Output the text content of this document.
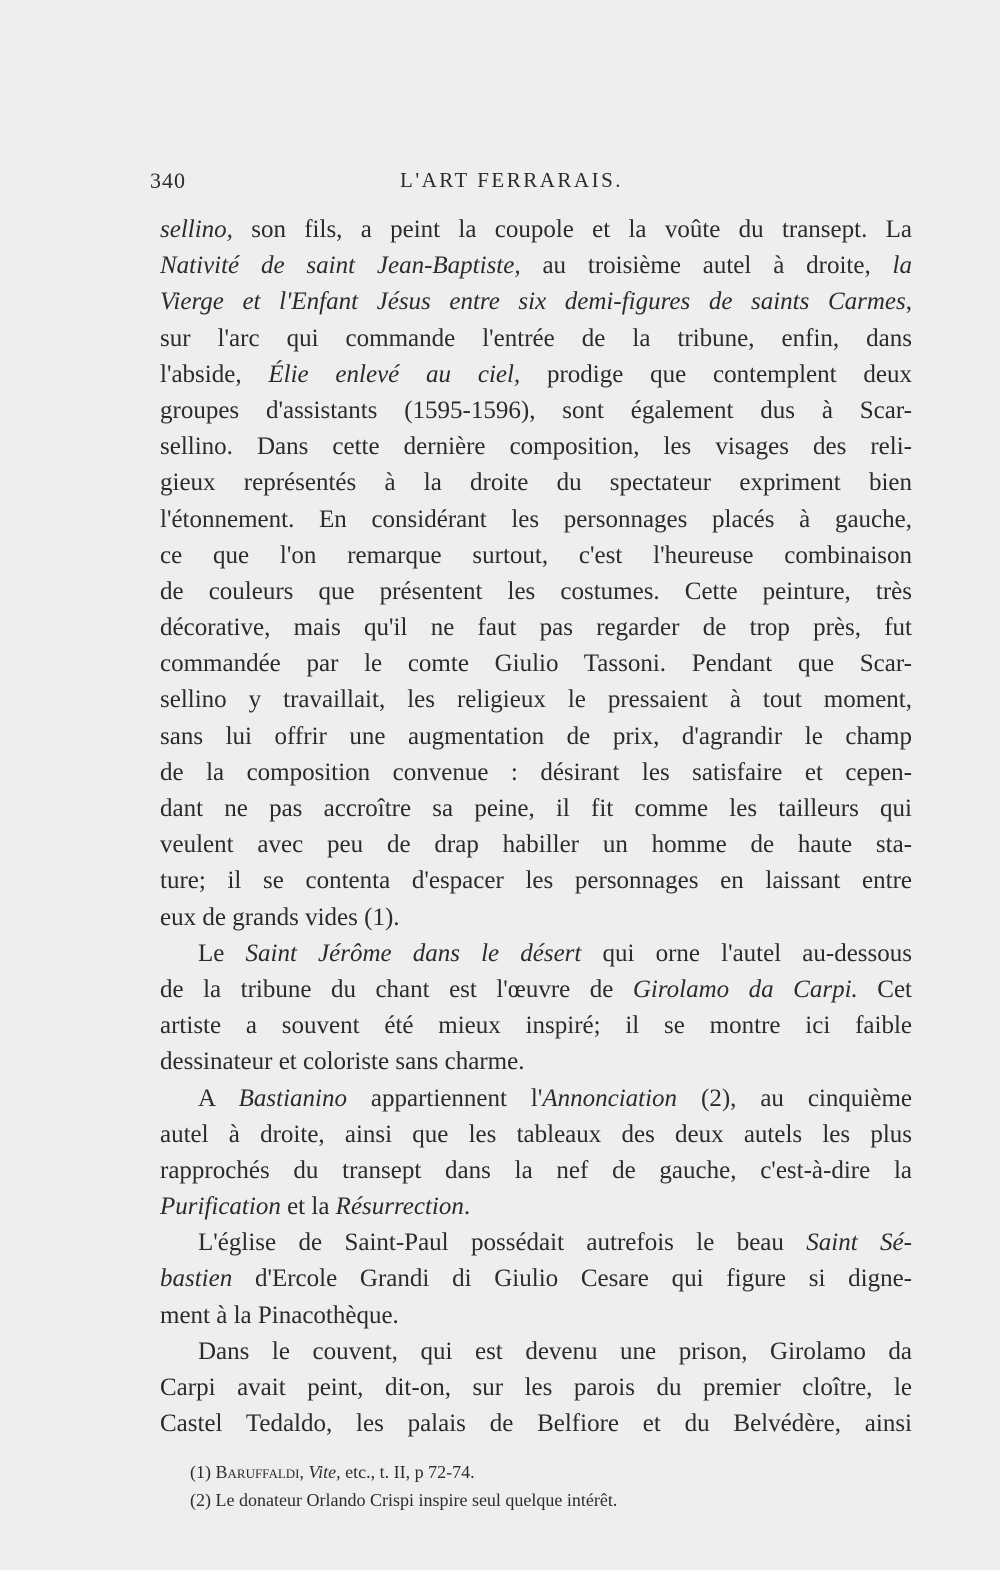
340	L'ART FERRARAIS.
sellino, son fils, a peint la coupole et la voûte du transept. La
Nativité de saint Jean-Baptiste, au troisième autel à droite, la
Vierge et l'Enfant Jésus entre six demi-figures de saints Carmes,
sur l'arc qui commande l'entrée de la tribune, enfin, dans
l'abside, Élie enlevé au ciel, prodige que contemplent deux
groupes d'assistants (1595-1596), sont également dus à Scar-
sellino. Dans cette dernière composition, les visages des reli-
gieux représentés à la droite du spectateur expriment bien
l'étonnement. En considérant les personnages placés à gauche,
ce que l'on remarque surtout, c'est l'heureuse combinaison
de couleurs que présentent les costumes. Cette peinture, très
décorative, mais qu'il ne faut pas regarder de trop près, fut
commandée par le comte Giulio Tassoni. Pendant que Scar-
sellino y travaillait, les religieux le pressaient à tout moment,
sans lui offrir une augmentation de prix, d'agrandir le champ
de la composition convenue : désirant les satisfaire et cepen-
dant ne pas accroître sa peine, il fit comme les tailleurs qui
veulent avec peu de drap habiller un homme de haute sta-
ture; il se contenta d'espacer les personnages en laissant entre
eux de grands vides (1).
Le Saint Jérôme dans le désert qui orne l'autel au-dessous
de la tribune du chant est l'œuvre de Girolamo da Carpi. Cet
artiste a souvent été mieux inspiré; il se montre ici faible
dessinateur et coloriste sans charme.
A Bastianino appartiennent l'Annonciation (2), au cinquième
autel à droite, ainsi que les tableaux des deux autels les plus
rapprochés du transept dans la nef de gauche, c'est-à-dire la
Purification et la Résurrection.
L'église de Saint-Paul possédait autrefois le beau Saint Sé-
bastien d'Ercole Grandi di Giulio Cesare qui figure si digne-
ment à la Pinacothèque.
Dans le couvent, qui est devenu une prison, Girolamo da
Carpi avait peint, dit-on, sur les parois du premier cloître, le
Castel Tedaldo, les palais de Belfiore et du Belvédère, ainsi
(1) Baruffaldi, Vite, etc., t. II, p 72-74.
(2) Le donateur Orlando Crispi inspire seul quelque intérêt.
